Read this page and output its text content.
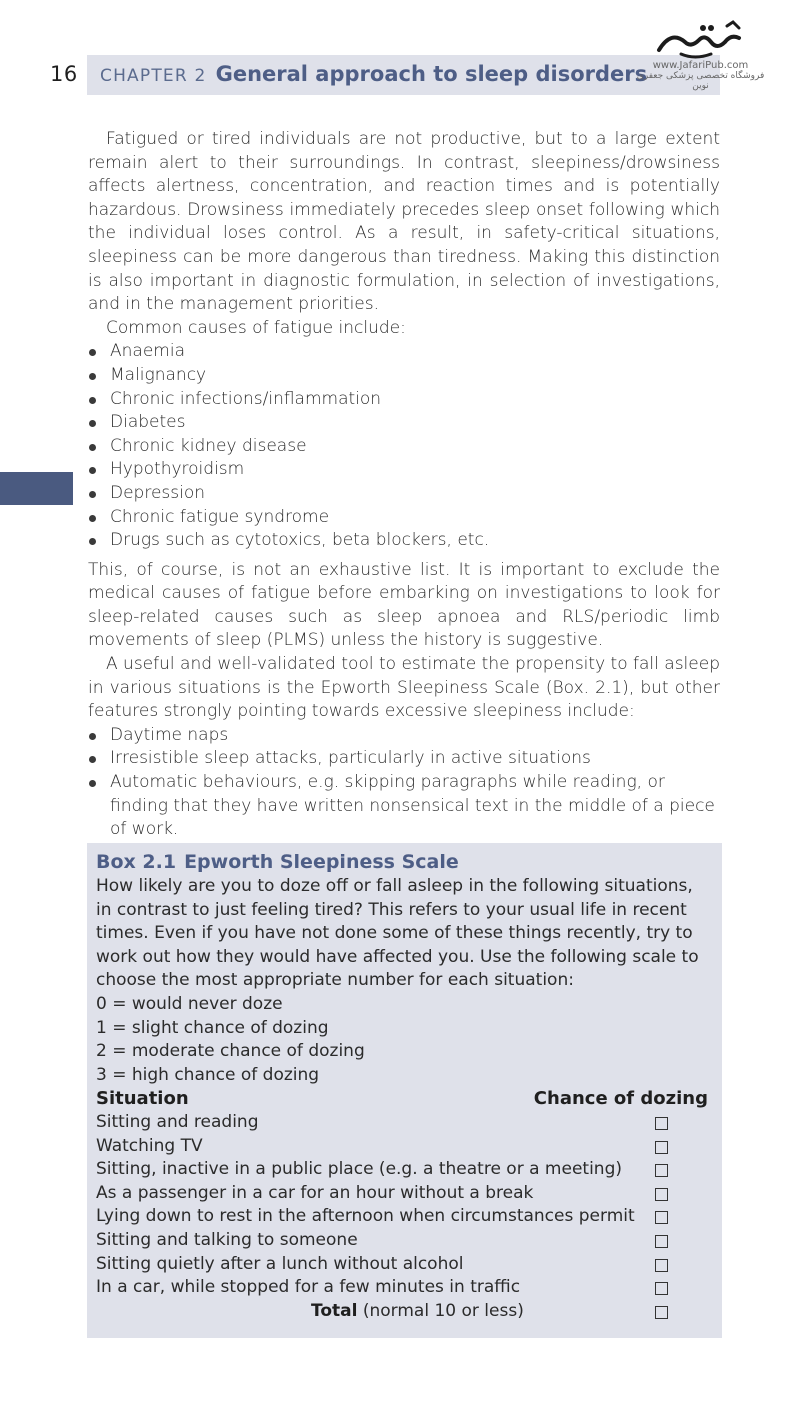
16 CHAPTER 2 General approach to sleep disorders www.JafariPub.com
فروشگاه تخصصی پزشکی جعفری نوین

Fatigued or tired individuals are not productive, but to a large extent remain alert to their surroundings. In contrast, sleepiness/drowsiness affects alertness, concentration, and reaction times and is potentially hazardous. Drowsiness immediately precedes sleep onset following which the individual loses control. As a result, in safety-critical situations, sleepiness can be more dangerous than tiredness. Making this distinction is also important in diagnostic formulation, in selection of investigations, and in the management priorities.

Common causes of fatigue include:

Anaemia
Malignancy
Chronic infections/inflammation
Diabetes
Chronic kidney disease
Hypothyroidism
Depression
Chronic fatigue syndrome
Drugs such as cytotoxics, beta blockers, etc.

This, of course, is not an exhaustive list. It is important to exclude the medical causes of fatigue before embarking on investigations to look for sleep-related causes such as sleep apnoea and RLS/periodic limb movements of sleep (PLMS) unless the history is suggestive.

A useful and well-validated tool to estimate the propensity to fall asleep in various situations is the Epworth Sleepiness Scale (Box. 2.1), but other features strongly pointing towards excessive sleepiness include:

Daytime naps
Irresistible sleep attacks, particularly in active situations
Automatic behaviours, e.g. skipping paragraphs while reading, or finding that they have written nonsensical text in the middle of a piece of work.
Box 2.1 Epworth Sleepiness Scale
How likely are you to doze off or fall asleep in the following situations, in contrast to just feeling tired? This refers to your usual life in recent times. Even if you have not done some of these things recently, try to work out how they would have affected you. Use the following scale to choose the most appropriate number for each situation:
0 = would never doze
1 = slight chance of dozing
2 = moderate chance of dozing
3 = high chance of dozing
Situation	Chance of dozing
Sitting and reading
Watching TV
Sitting, inactive in a public place (e.g. a theatre or a meeting)
As a passenger in a car for an hour without a break
Lying down to rest in the afternoon when circumstances permit
Sitting and talking to someone
Sitting quietly after a lunch without alcohol
In a car, while stopped for a few minutes in traffic
Total (normal 10 or less)
